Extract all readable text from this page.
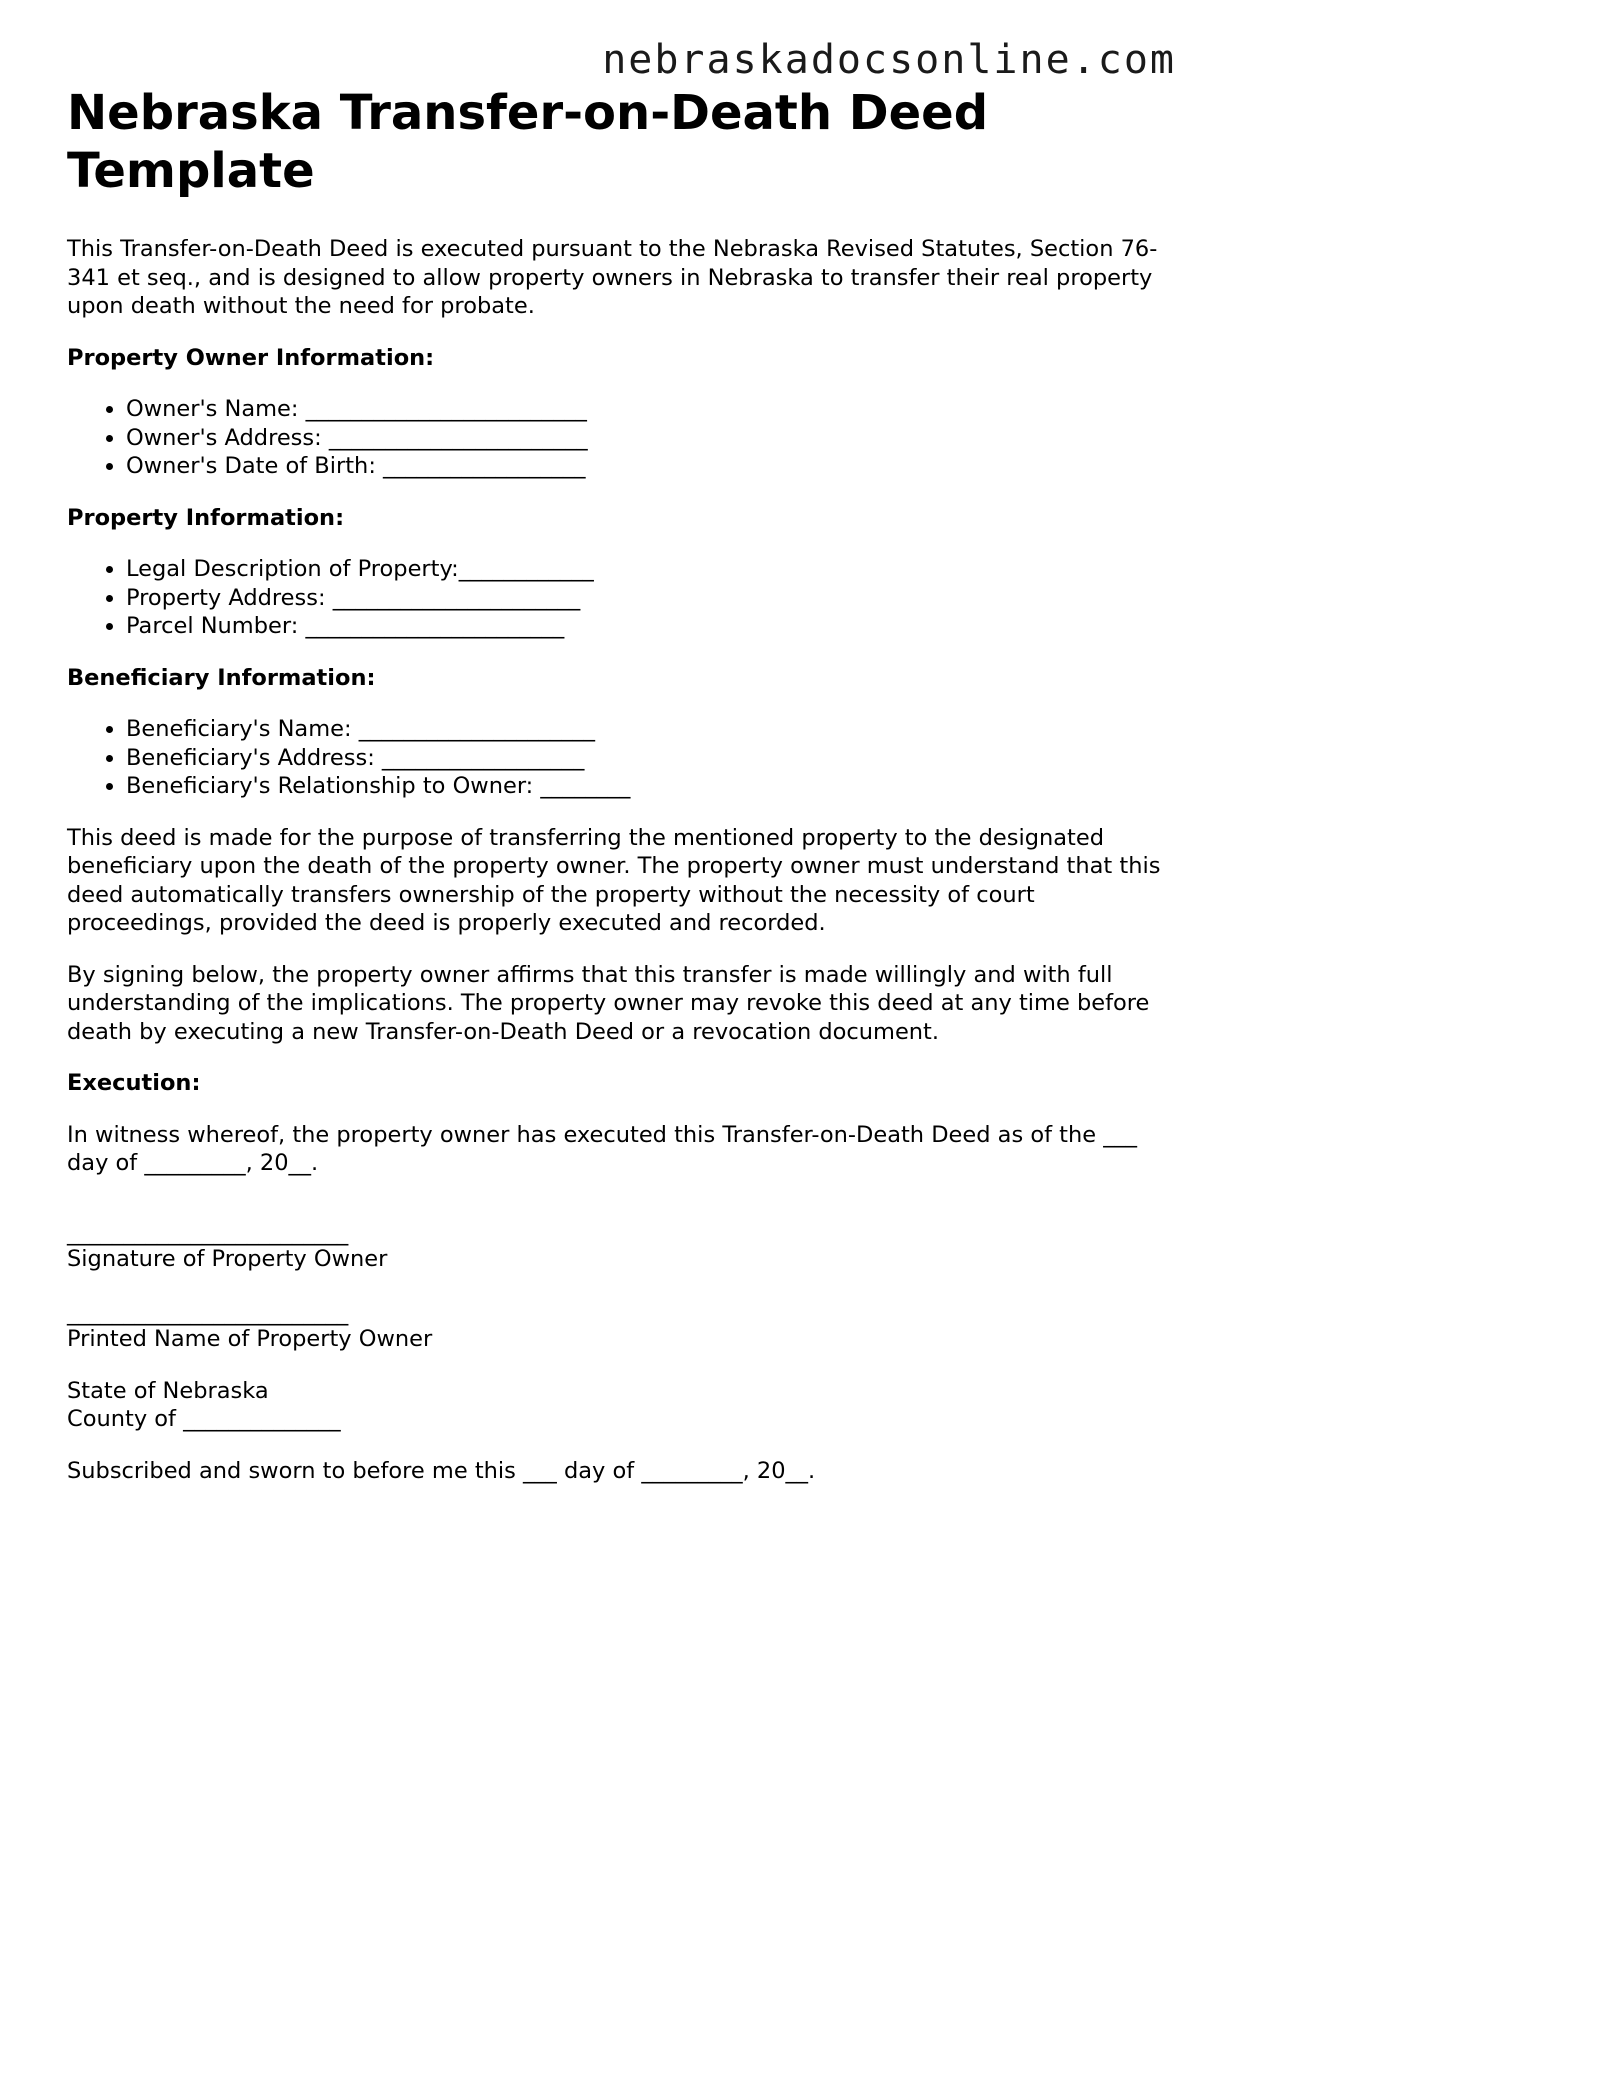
nebraskadocsonline.com
Nebraska Transfer-on-Death Deed Template

This Transfer-on-Death Deed is executed pursuant to the Nebraska Revised Statutes, Section 76-341 et seq., and is designed to allow property owners in Nebraska to transfer their real property upon death without the need for probate.

Property Owner Information:
• Owner's Name: _________________________
• Owner's Address: _______________________
• Owner's Date of Birth: __________________
Property Information:
• Legal Description of Property:____________
• Property Address: ______________________
• Parcel Number: _______________________
Beneficiary Information:
• Beneficiary's Name: _____________________
• Beneficiary's Address: __________________
• Beneficiary's Relationship to Owner: ________

This deed is made for the purpose of transferring the mentioned property to the designated beneficiary upon the death of the property owner. The property owner must understand that this deed automatically transfers ownership of the property without the necessity of court proceedings, provided the deed is properly executed and recorded.

By signing below, the property owner affirms that this transfer is made willingly and with full understanding of the implications. The property owner may revoke this deed at any time before death by executing a new Transfer-on-Death Deed or a revocation document.

Execution:

In witness whereof, the property owner has executed this Transfer-on-Death Deed as of the ___ day of _________, 20__.

_________________________
Signature of Property Owner
_________________________
Printed Name of Property Owner

State of Nebraska

County of ______________

Subscribed and sworn to before me this ___ day of _________, 20__.
